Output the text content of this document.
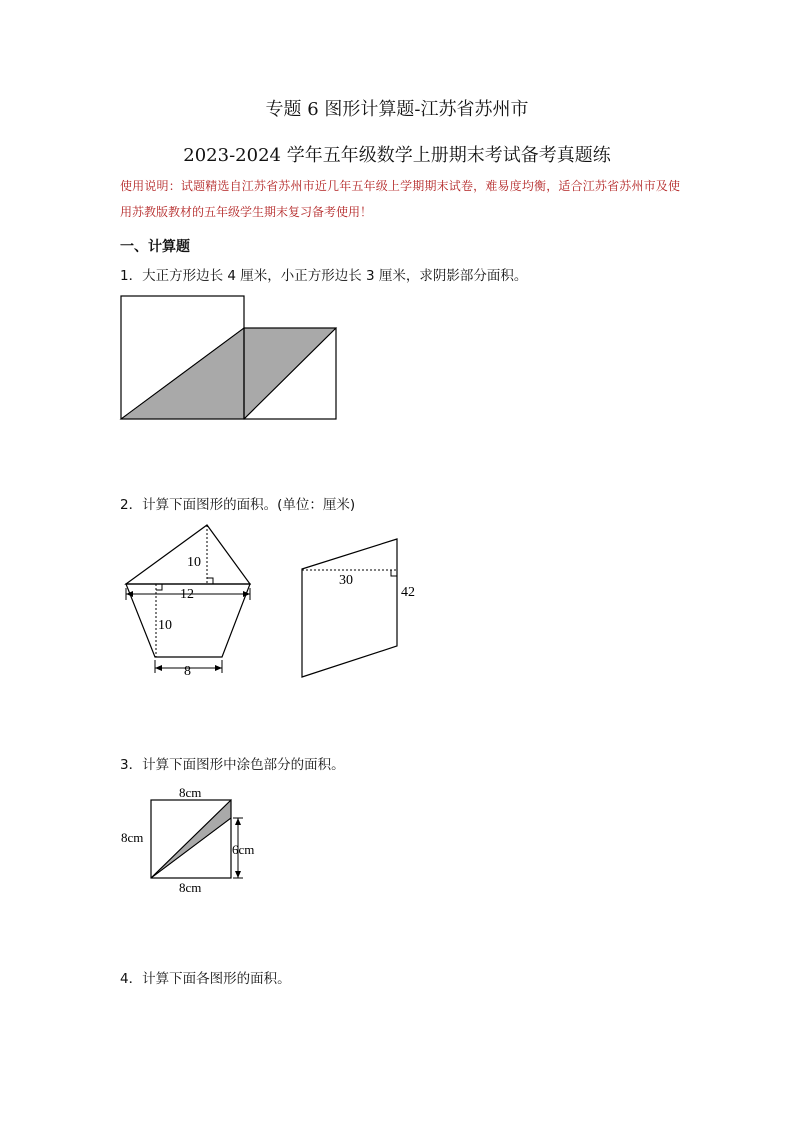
专题 6 图形计算题-江苏省苏州市
2023-2024 学年五年级数学上册期末考试备考真题练
使用说明：试题精选自江苏省苏州市近几年五年级上学期期末试卷，难易度均衡，适合江苏省苏州市及使用苏教版教材的五年级学生期末复习备考使用！
一、计算题
1．大正方形边长 4 厘米，小正方形边长 3 厘米，求阴影部分面积。
2．计算下面图形的面积。(单位：厘米)
3．计算下面图形中涂色部分的面积。
4．计算下面各图形的面积。
10
12
10
8
30
42
8cm
8cm
6cm
8cm
